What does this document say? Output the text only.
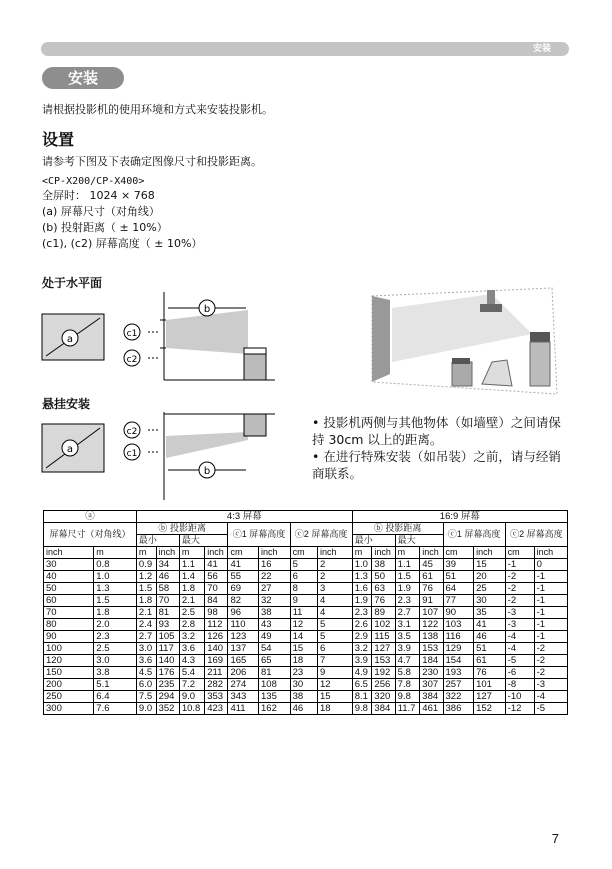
安装
安装
请根据投影机的使用环境和方式来安装投影机。
设置
请参考下图及下表确定图像尺寸和投影距离。
<CP-X200/CP-X400>
全屏时： 1024 × 768
(a) 屏幕尺寸（对角线）
(b) 投射距离（ ± 10%）
(c1), (c2) 屏幕高度（ ± 10%）
处于水平面
a
b
c1
c2
悬挂安装
a
c2
c1
b
• 投影机两侧与其他物体（如墙壁）之间请保持 30cm 以上的距离。
• 在进行特殊安装（如吊装）之前，请与经销商联系。
ⓐ		4:3 屏幕								16:9 屏幕							
屏幕尺寸（对角线）		ⓑ 投影距离				ⓒ1 屏幕高度		ⓒ2 屏幕高度		ⓑ 投影距离				ⓒ1 屏幕高度		ⓒ2 屏幕高度	
		最小		最大						最小		最大					
inch	m	m	inch	m	inch	cm	inch	cm	inch	m	inch	m	inch	cm	inch	cm	inch
30	0.8	0.9	34	1.1	41	41	16	5	2	1.0	38	1.1	45	39	15	-1	0
40	1.0	1.2	46	1.4	56	55	22	6	2	1.3	50	1.5	61	51	20	-2	-1
50	1.3	1.5	58	1.8	70	69	27	8	3	1.6	63	1.9	76	64	25	-2	-1
60	1.5	1.8	70	2.1	84	82	32	9	4	1.9	76	2.3	91	77	30	-2	-1
70	1.8	2.1	81	2.5	98	96	38	11	4	2.3	89	2.7	107	90	35	-3	-1
80	2.0	2.4	93	2.8	112	110	43	12	5	2.6	102	3.1	122	103	41	-3	-1
90	2.3	2.7	105	3.2	126	123	49	14	5	2.9	115	3.5	138	116	46	-4	-1
100	2.5	3.0	117	3.6	140	137	54	15	6	3.2	127	3.9	153	129	51	-4	-2
120	3.0	3.6	140	4.3	169	165	65	18	7	3.9	153	4.7	184	154	61	-5	-2
150	3.8	4.5	176	5.4	211	206	81	23	9	4.9	192	5.8	230	193	76	-6	-2
200	5.1	6.0	235	7.2	282	274	108	30	12	6.5	256	7.8	307	257	101	-8	-3
250	6.4	7.5	294	9.0	353	343	135	38	15	8.1	320	9.8	384	322	127	-10	-4
300	7.6	9.0	352	10.8	423	411	162	46	18	9.8	384	11.7	461	386	152	-12	-5
7
